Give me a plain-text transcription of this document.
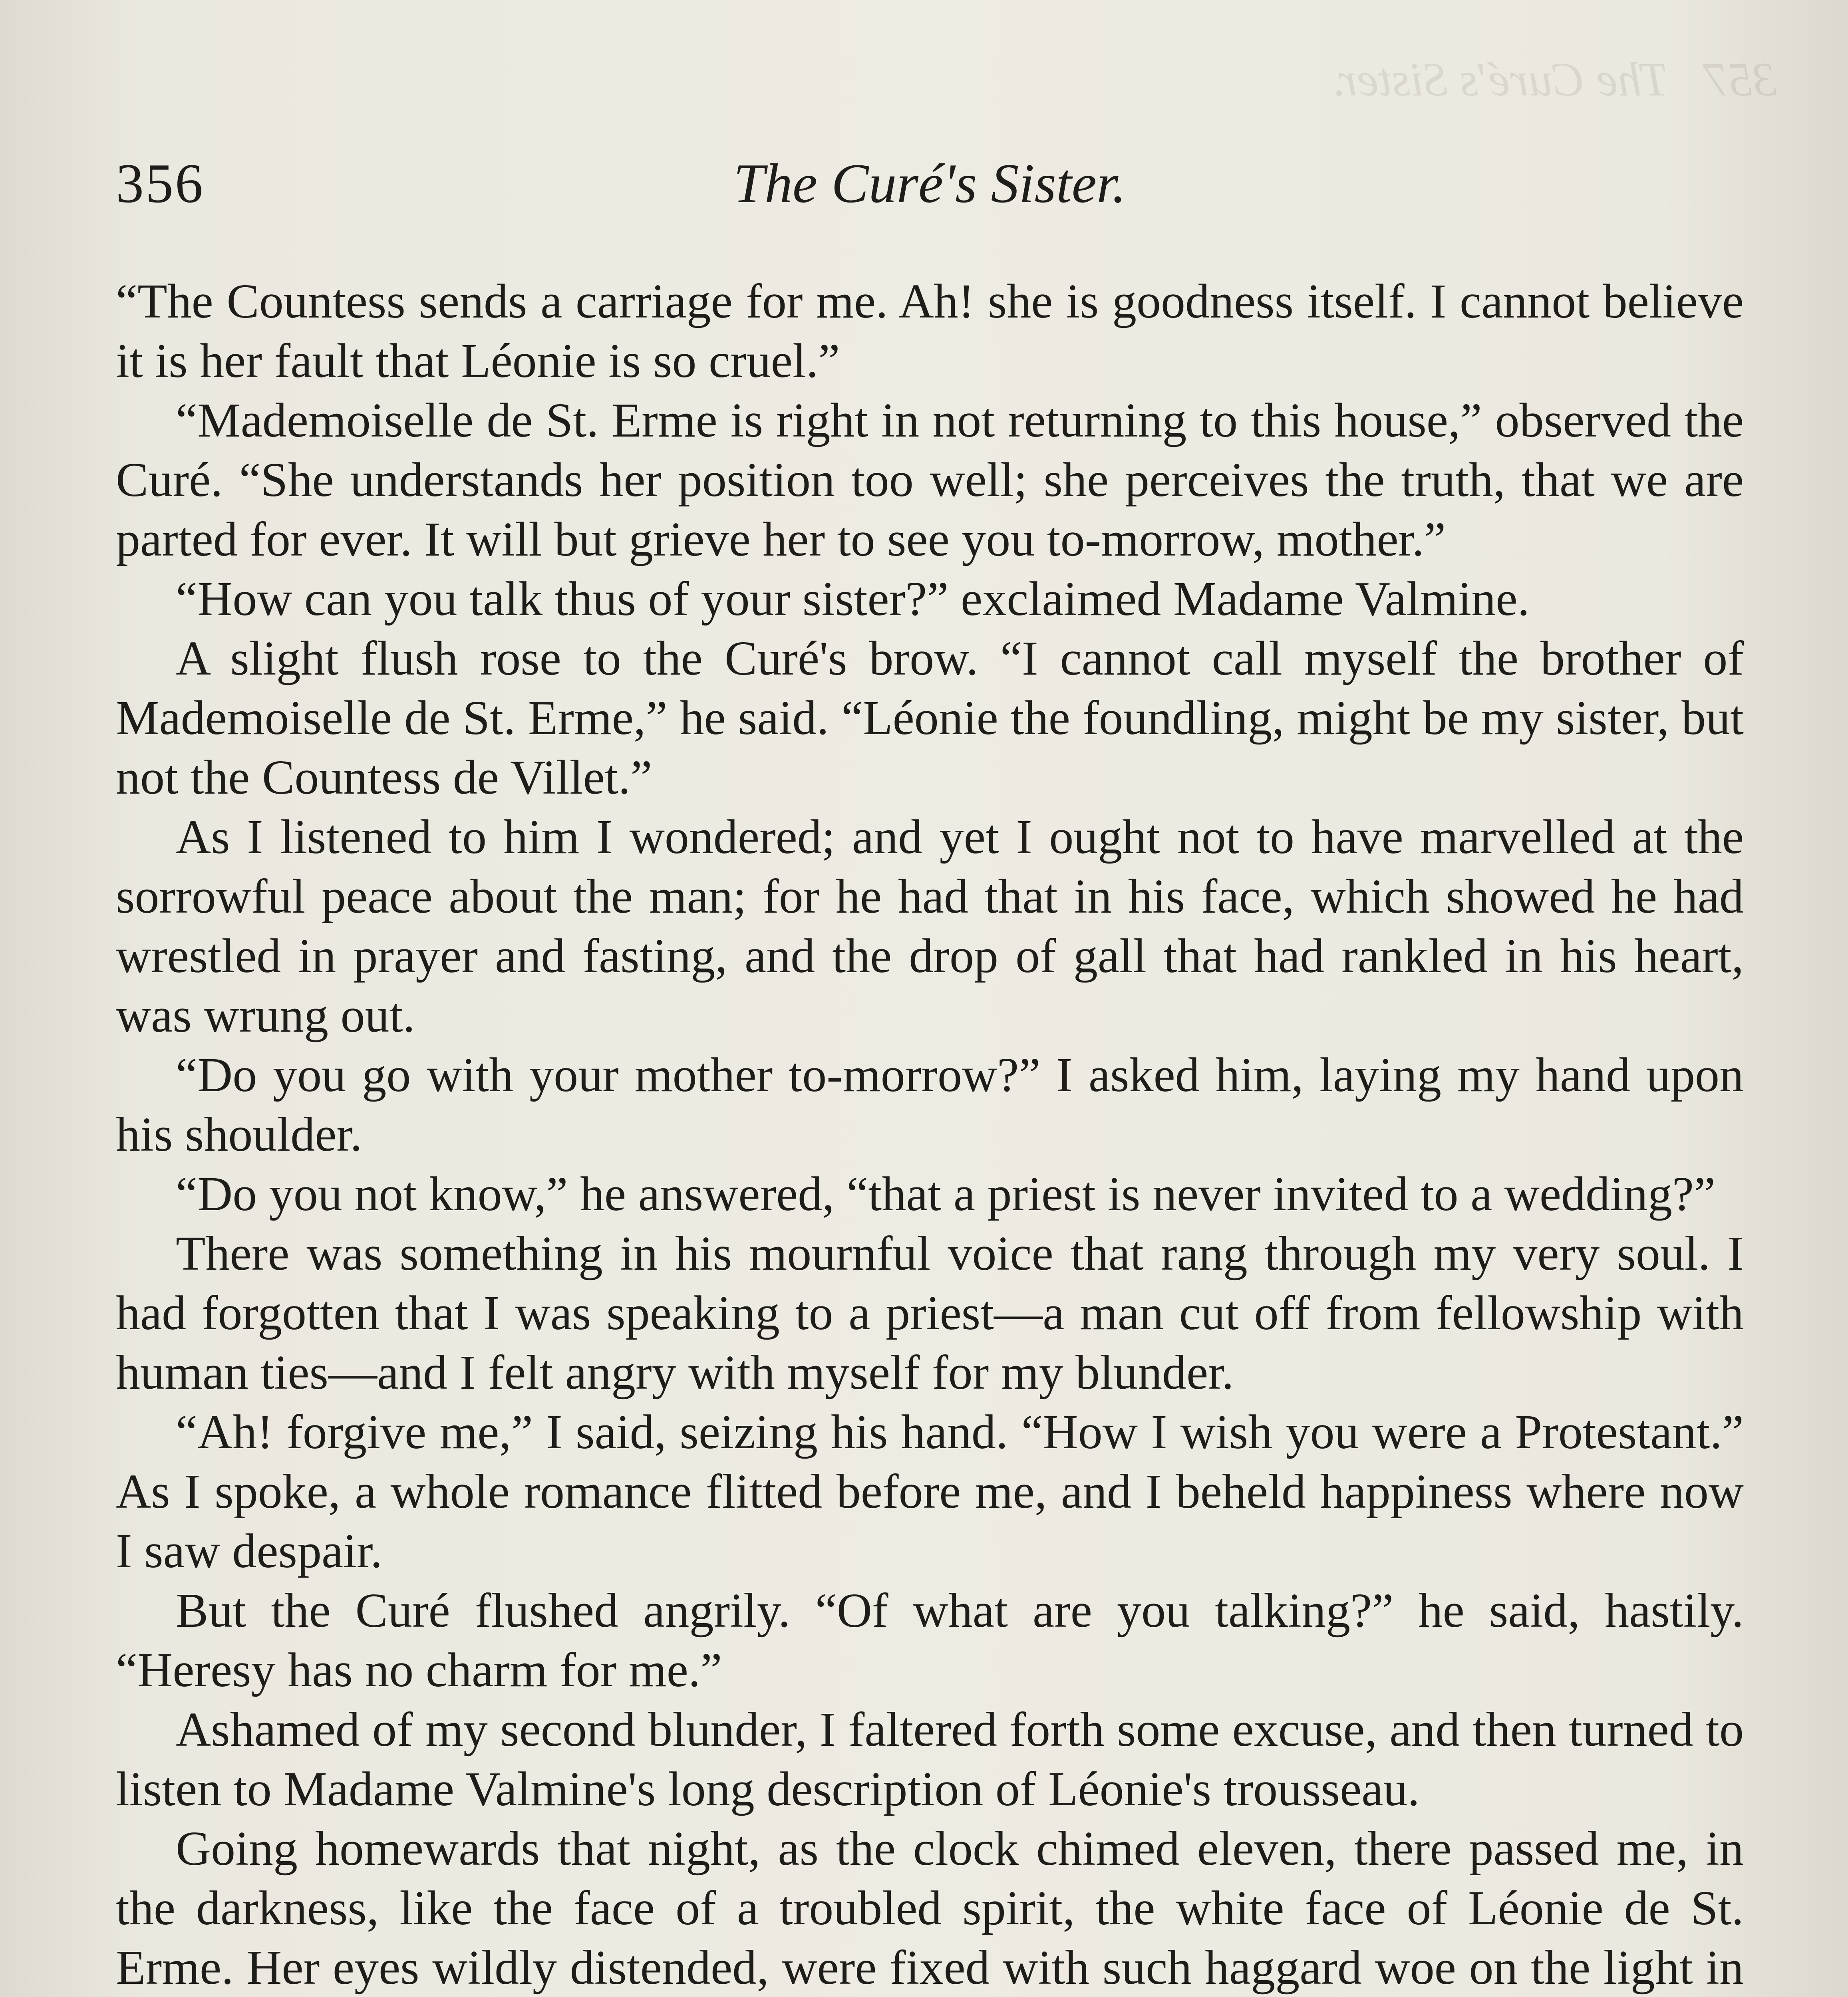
357   The Curé's Sister.
356	The Curé's Sister.

“The Countess sends a carriage for me. Ah! she is goodness itself. I cannot believe it is her fault that Léonie is so cruel.”

“Mademoiselle de St. Erme is right in not returning to this house,” observed the Curé. “She understands her position too well; she perceives the truth, that we are parted for ever. It will but grieve her to see you to-morrow, mother.”

“How can you talk thus of your sister?” exclaimed Madame Valmine.

A slight flush rose to the Curé's brow. “I cannot call myself the brother of Mademoiselle de St. Erme,” he said. “Léonie the foundling, might be my sister, but not the Countess de Villet.”

As I listened to him I wondered; and yet I ought not to have marvelled at the sorrowful peace about the man; for he had that in his face, which showed he had wrestled in prayer and fasting, and the drop of gall that had rankled in his heart, was wrung out.

“Do you go with your mother to-morrow?” I asked him, laying my hand upon his shoulder.

“Do you not know,” he answered, “that a priest is never invited to a wedding?”

There was something in his mournful voice that rang through my very soul. I had forgotten that I was speaking to a priest—a man cut off from fellowship with human ties—and I felt angry with myself for my blunder.

“Ah! forgive me,” I said, seizing his hand. “How I wish you were a Protestant.” As I spoke, a whole romance flitted before me, and I beheld happiness where now I saw despair.

But the Curé flushed angrily. “Of what are you talking?” he said, hastily. “Heresy has no charm for me.”

Ashamed of my second blunder, I faltered forth some excuse, and then turned to listen to Madame Valmine's long description of Léonie's trousseau.

Going homewards that night, as the clock chimed eleven, there passed me, in the darkness, like the face of a troubled spirit, the white face of Léonie de St. Erme. Her eyes wildly distended, were fixed with such haggard woe on the light in
